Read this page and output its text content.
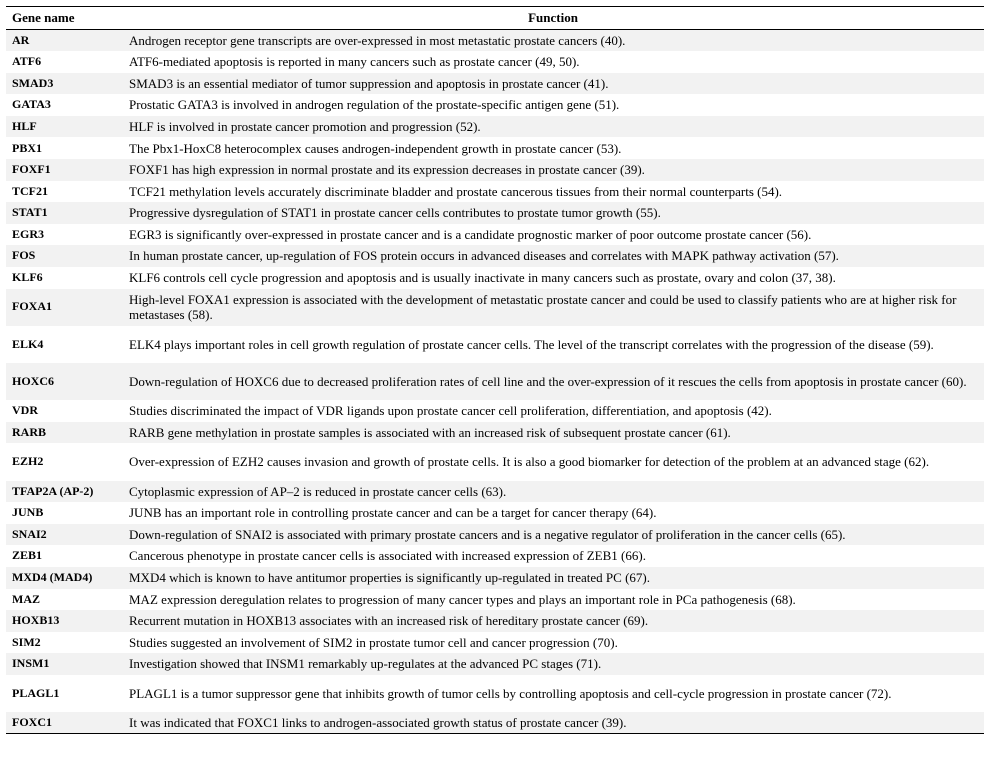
Gene name	Function
AR	Androgen receptor gene transcripts are over-expressed in most metastatic prostate cancers (40).
ATF6	ATF6-mediated apoptosis is reported in many cancers such as prostate cancer (49, 50).
SMAD3	SMAD3 is an essential mediator of tumor suppression and apoptosis in prostate cancer (41).
GATA3	Prostatic GATA3 is involved in androgen regulation of the prostate-specific antigen gene (51).
HLF	HLF is involved in prostate cancer promotion and progression (52).
PBX1	The Pbx1-HoxC8 heterocomplex causes androgen-independent growth in prostate cancer (53).
FOXF1	FOXF1 has high expression in normal prostate and its expression decreases in prostate cancer (39).
TCF21	TCF21 methylation levels accurately discriminate bladder and prostate cancerous tissues from their normal counterparts (54).
STAT1	Progressive dysregulation of STAT1 in prostate cancer cells contributes to prostate tumor growth (55).
EGR3	EGR3 is significantly over-expressed in prostate cancer and is a candidate prognostic marker of poor outcome prostate cancer (56).
FOS	In human prostate cancer, up-regulation of FOS protein occurs in advanced diseases and correlates with MAPK pathway activation (57).
KLF6	KLF6 controls cell cycle progression and apoptosis and is usually inactivate in many cancers such as prostate, ovary and colon (37, 38).
FOXA1	High-level FOXA1 expression is associated with the development of metastatic prostate cancer and could be used to classify patients who are at higher risk for metastases (58).
ELK4	ELK4 plays important roles in cell growth regulation of prostate cancer cells. The level of the transcript correlates with the progression of the disease (59).
HOXC6	Down-regulation of HOXC6 due to decreased proliferation rates of cell line and the over-expression of it rescues the cells from apoptosis in prostate cancer (60).
VDR	Studies discriminated the impact of VDR ligands upon prostate cancer cell proliferation, differentiation, and apoptosis (42).
RARB	RARB gene methylation in prostate samples is associated with an increased risk of subsequent prostate cancer (61).
EZH2	Over-expression of EZH2 causes invasion and growth of prostate cells. It is also a good biomarker for detection of the problem at an advanced stage (62).
TFAP2A (AP-2)	Cytoplasmic expression of AP–2 is reduced in prostate cancer cells (63).
JUNB	JUNB has an important role in controlling prostate cancer and can be a target for cancer therapy (64).
SNAI2	Down-regulation of SNAI2 is associated with primary prostate cancers and is a negative regulator of proliferation in the cancer cells (65).
ZEB1	Cancerous phenotype in prostate cancer cells is associated with increased expression of ZEB1 (66).
MXD4 (MAD4)	MXD4 which is known to have antitumor properties is significantly up-regulated in treated PC (67).
MAZ	MAZ expression deregulation relates to progression of many cancer types and plays an important role in PCa pathogenesis (68).
HOXB13	Recurrent mutation in HOXB13 associates with an increased risk of hereditary prostate cancer (69).
SIM2	Studies suggested an involvement of SIM2 in prostate tumor cell and cancer progression (70).
INSM1	Investigation showed that INSM1 remarkably up-regulates at the advanced PC stages (71).
PLAGL1	PLAGL1 is a tumor suppressor gene that inhibits growth of tumor cells by controlling apoptosis and cell-cycle progression in prostate cancer (72).
FOXC1	It was indicated that FOXC1 links to androgen-associated growth status of prostate cancer (39).
